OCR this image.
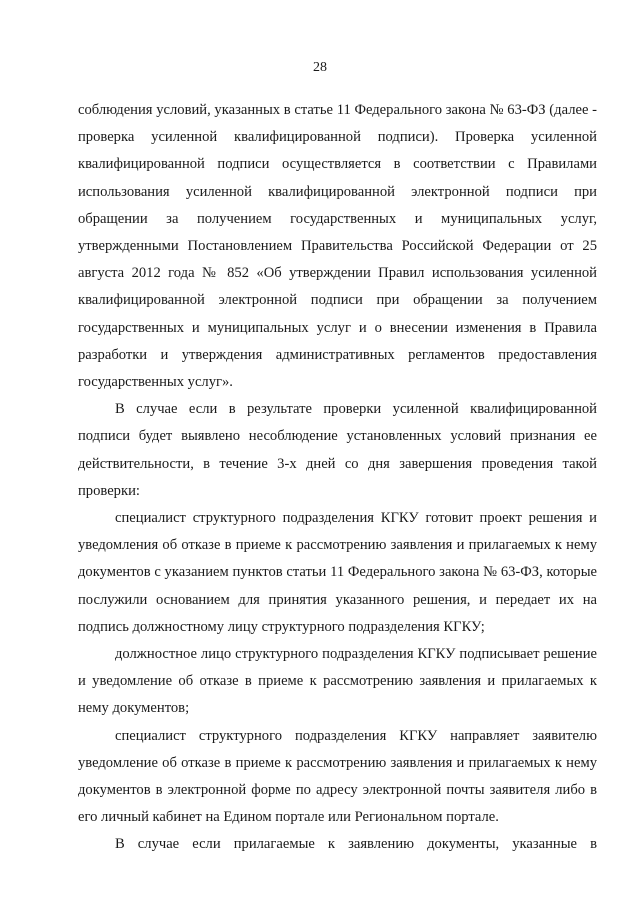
28

соблюдения условий, указанных в статье 11 Федерального закона № 63-ФЗ (далее - проверка усиленной квалифицированной подписи). Проверка усиленной квалифицированной подписи осуществляется в соответствии с Правилами использования усиленной квалифицированной электронной подписи при обращении за получением государственных и муниципальных услуг, утвержденными Постановлением Правительства Российской Федерации от 25 августа 2012 года № 852 «Об утверждении Правил использования усиленной квалифицированной электронной подписи при обращении за получением государственных и муниципальных услуг и о внесении изменения в Правила разработки и утверждения административных регламентов предоставления государственных услуг».

В случае если в результате проверки усиленной квалифицированной подписи будет выявлено несоблюдение установленных условий признания ее действительности, в течение 3-х дней со дня завершения проведения такой проверки:

специалист структурного подразделения КГКУ готовит проект решения и уведомления об отказе в приеме к рассмотрению заявления и прилагаемых к нему документов с указанием пунктов статьи 11 Федерального закона № 63-ФЗ, которые послужили основанием для принятия указанного решения, и передает их на подпись должностному лицу структурного подразделения КГКУ;

должностное лицо структурного подразделения КГКУ подписывает решение и уведомление об отказе в приеме к рассмотрению заявления и прилагаемых к нему документов;

специалист структурного подразделения КГКУ направляет заявителю уведомление об отказе в приеме к рассмотрению заявления и прилагаемых к нему документов в электронной форме по адресу электронной почты заявителя либо в его личный кабинет на Едином портале или Региональном портале.

В случае если прилагаемые к заявлению документы, указанные в
